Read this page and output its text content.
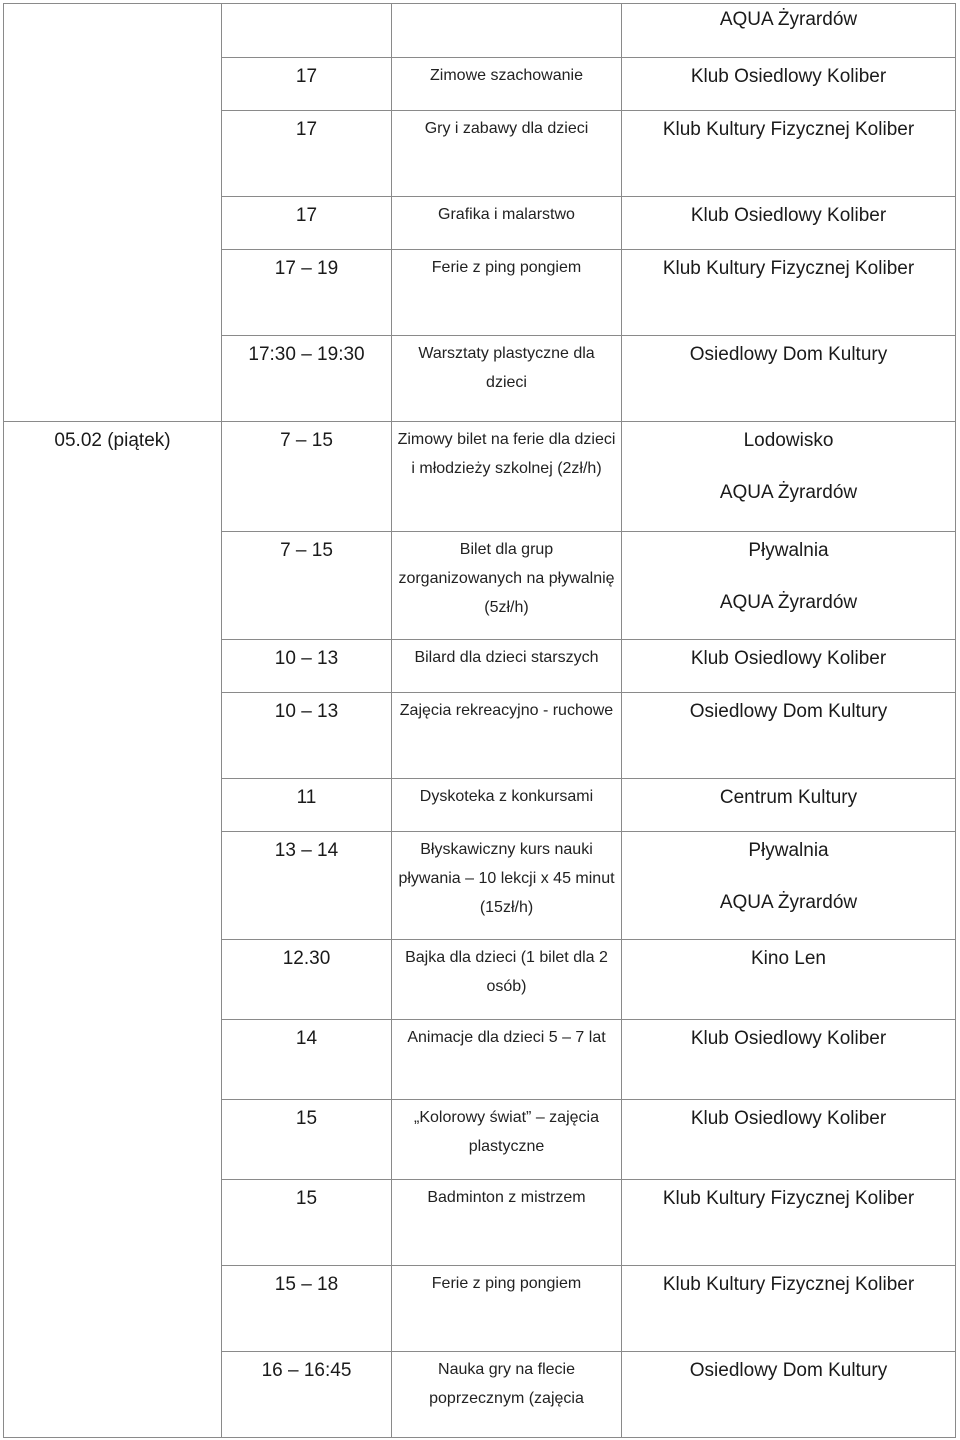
			AQUA Żyrardów

	17	Zimowe szachowanie	Klub Osiedlowy Koliber

	17	Gry i zabawy dla dzieci	Klub Kultury Fizycznej Koliber

	17	Grafika i malarstwo	Klub Osiedlowy Koliber

	17 – 19	Ferie z ping pongiem	Klub Kultury Fizycznej Koliber

	17:30 – 19:30	Warsztaty plastyczne dla dzieci	Osiedlowy Dom Kultury

05.02 (piątek)	7 – 15	Zimowy bilet na ferie dla dzieci i młodzieży szkolnej (2zł/h)	Lodowisko
AQUA Żyrardów

	7 – 15	Bilet dla grup zorganizowanych na pływalnię (5zł/h)	Pływalnia
AQUA Żyrardów

	10 – 13	Bilard dla dzieci starszych	Klub Osiedlowy Koliber

	10 – 13	Zajęcia rekreacyjno - ruchowe	Osiedlowy Dom Kultury

	11	Dyskoteka z konkursami	Centrum Kultury

	13 – 14	Błyskawiczny kurs nauki pływania – 10 lekcji x 45 minut (15zł/h)	Pływalnia
AQUA Żyrardów

	12.30	Bajka dla dzieci (1 bilet dla 2 osób)	Kino Len

	14	Animacje dla dzieci 5 – 7 lat	Klub Osiedlowy Koliber

	15	„Kolorowy świat” – zajęcia plastyczne	Klub Osiedlowy Koliber

	15	Badminton z mistrzem	Klub Kultury Fizycznej Koliber

	15 – 18	Ferie z ping pongiem	Klub Kultury Fizycznej Koliber

	16 – 16:45	Nauka gry na flecie poprzecznym (zajęcia	Osiedlowy Dom Kultury
